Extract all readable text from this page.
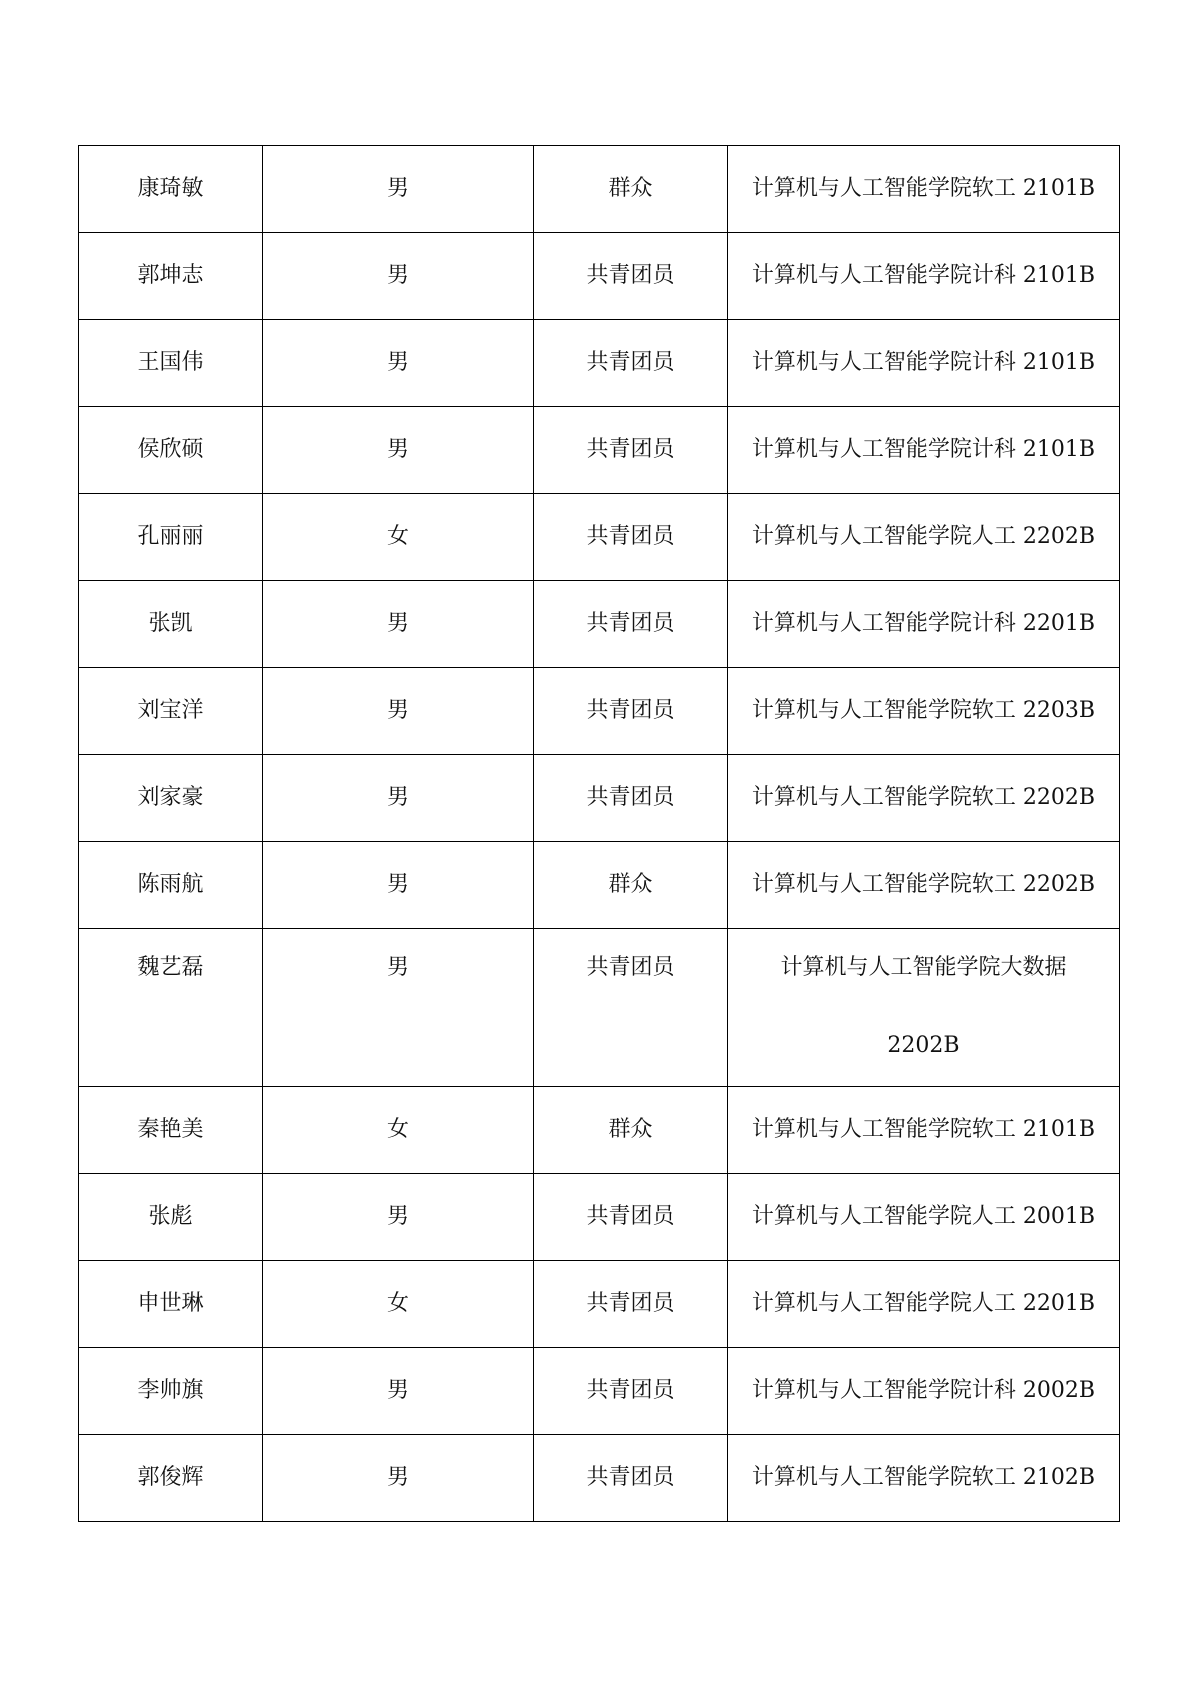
康琦敏	男	群众	计算机与人工智能学院软工 2101B
郭坤志	男	共青团员	计算机与人工智能学院计科 2101B
王国伟	男	共青团员	计算机与人工智能学院计科 2101B
侯欣硕	男	共青团员	计算机与人工智能学院计科 2101B
孔丽丽	女	共青团员	计算机与人工智能学院人工 2202B
张凯	男	共青团员	计算机与人工智能学院计科 2201B
刘宝洋	男	共青团员	计算机与人工智能学院软工 2203B
刘家豪	男	共青团员	计算机与人工智能学院软工 2202B
陈雨航	男	群众	计算机与人工智能学院软工 2202B
魏艺磊	男	共青团员	计算机与人工智能学院大数据 2202B
秦艳美	女	群众	计算机与人工智能学院软工 2101B
张彪	男	共青团员	计算机与人工智能学院人工 2001B
申世琳	女	共青团员	计算机与人工智能学院人工 2201B
李帅旗	男	共青团员	计算机与人工智能学院计科 2002B
郭俊辉	男	共青团员	计算机与人工智能学院软工 2102B
